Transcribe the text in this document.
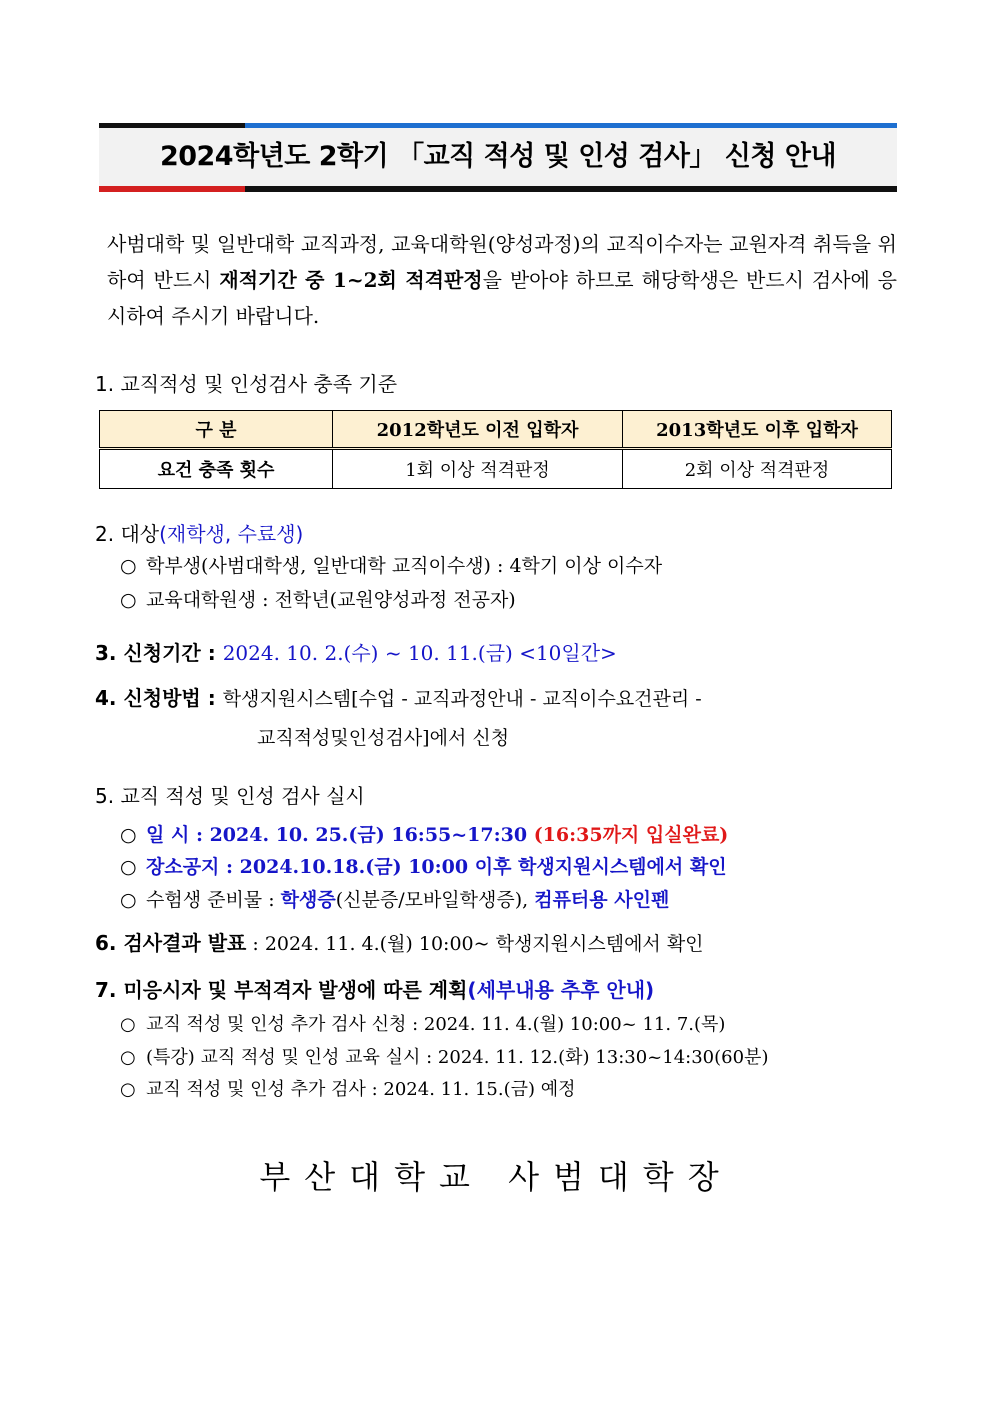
2024학년도 2학기 「교직 적성 및 인성 검사」 신청 안내
사범대학 및 일반대학 교직과정, 교육대학원(양성과정)의 교직이수자는 교원자격 취득을 위하여 반드시 재적기간 중 1~2회 적격판정을 받아야 하므로 해당학생은 반드시 검사에 응시하여 주시기 바랍니다.
1. 교직적성 및 인성검사 충족 기준
구 분	2012학년도 이전 입학자	2013학년도 이후 입학자
요건 충족 횟수	1회 이상 적격판정	2회 이상 적격판정
2. 대상(재학생, 수료생)
○ 학부생(사범대학생, 일반대학 교직이수생) : 4학기 이상 이수자
○ 교육대학원생 : 전학년(교원양성과정 전공자)
3. 신청기간 : 2024. 10. 2.(수) ~ 10. 11.(금) <10일간>
4. 신청방법 : 학생지원시스템[수업 - 교직과정안내 - 교직이수요건관리 -
교직적성및인성검사]에서 신청
5. 교직 적성 및 인성 검사 실시
○ 일 시 : 2024. 10. 25.(금) 16:55~17:30 (16:35까지 입실완료)
○ 장소공지 : 2024.10.18.(금) 10:00 이후 학생지원시스템에서 확인
○ 수험생 준비물 : 학생증(신분증/모바일학생증), 컴퓨터용 사인펜
6. 검사결과 발표 : 2024. 11. 4.(월) 10:00~ 학생지원시스템에서 확인
7. 미응시자 및 부적격자 발생에 따른 계획(세부내용 추후 안내)
○ 교직 적성 및 인성 추가 검사 신청 : 2024. 11. 4.(월) 10:00~ 11. 7.(목)
○ (특강) 교직 적성 및 인성 교육 실시 : 2024. 11. 12.(화) 13:30~14:30(60분)
○ 교직 적성 및 인성 추가 검사 : 2024. 11. 15.(금) 예정
부산대학교 사범대학장
